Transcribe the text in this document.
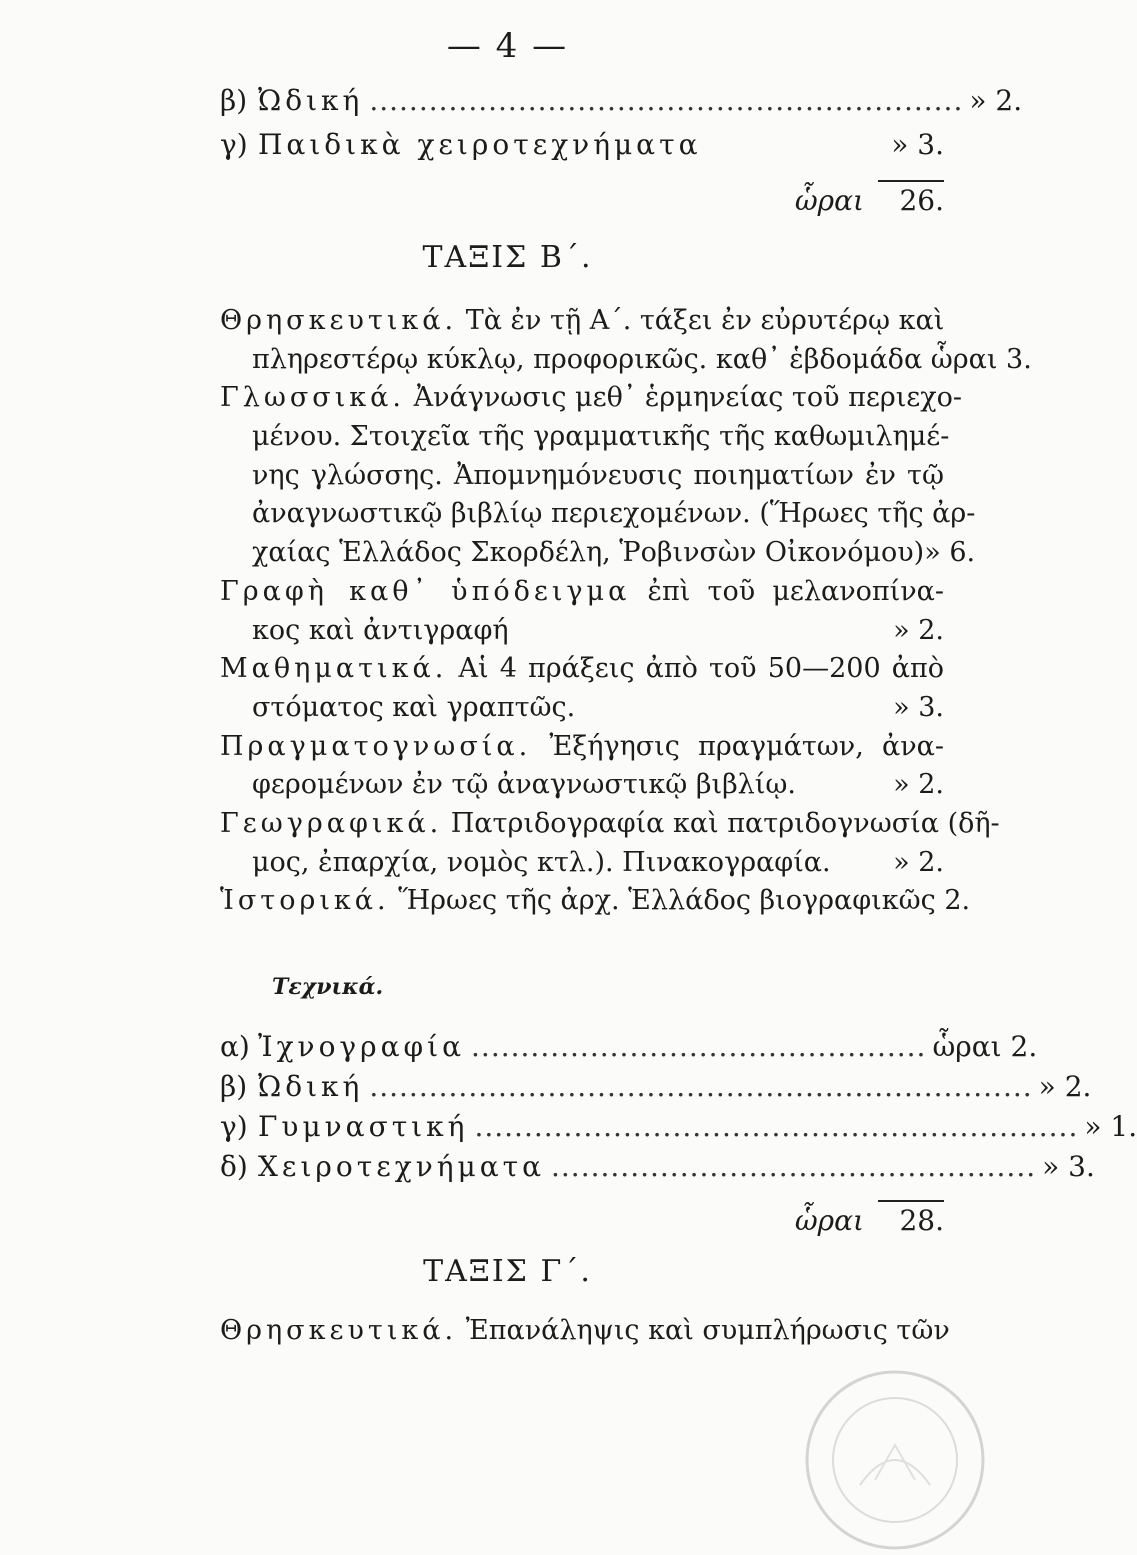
— 4 —
β) Ὠδική ............................................................ » 2.
γ) Παιδικὰ χειροτεχνήματα	» 3.
ὧραι	26.
ΤΑΞΙΣ Β΄.
Θρησκευτικά. Τὰ ἐν τῇ Α΄. τάξει ἐν εὐρυτέρῳ καὶ
πληρεστέρῳ κύκλῳ, προφορικῶς. καθ᾿ ἑβδομάδα ὧραι 3.
Γλωσσικά. Ἀνάγνωσις μεθ᾿ ἑρμηνείας τοῦ περιεχο-
μένου. Στοιχεῖα τῆς γραμματικῆς τῆς καθωμιλημέ-
νης γλώσσης. Ἀπομνημόνευσις ποιηματίων ἐν τῷ
ἀναγνωστικῷ βιβλίῳ περιεχομένων. (Ἥρωες τῆς ἀρ-
χαίας Ἑλλάδος Σκορδέλη, Ῥοβινσὼν Οἰκονόμου) » 6.
Γραφὴ καθ᾿ ὑπόδειγμα ἐπὶ τοῦ μελανοπίνα-
κος καὶ ἀντιγραφή	» 2.
Μαθηματικά. Αἱ 4 πράξεις ἀπὸ τοῦ 50—200 ἀπὸ
στόματος καὶ γραπτῶς.	» 3.
Πραγματογνωσία. Ἐξήγησις πραγμάτων, ἀνα-
φερομένων ἐν τῷ ἀναγνωστικῷ βιβλίῳ.	» 2.
Γεωγραφικά. Πατριδογραφία καὶ πατριδογνωσία (δῆ-
μος, ἐπαρχία, νομὸς κτλ.). Πινακογραφία. » 2.
Ἱστορικά. Ἥρωες τῆς ἀρχ. Ἑλλάδος βιογραφικῶς 2.
Τεχνικά.
α) Ἰχνογραφία .............................................. ὧραι 2.
β) Ὠδική ................................................................... » 2.
γ) Γυμναστική ............................................................. » 1.
δ) Χειροτεχνήματα ................................................. » 3.
ὧραι	28.
ΤΑΞΙΣ Γ΄.
Θρησκευτικά. Ἐπανάληψις καὶ συμπλήρωσις τῶν
